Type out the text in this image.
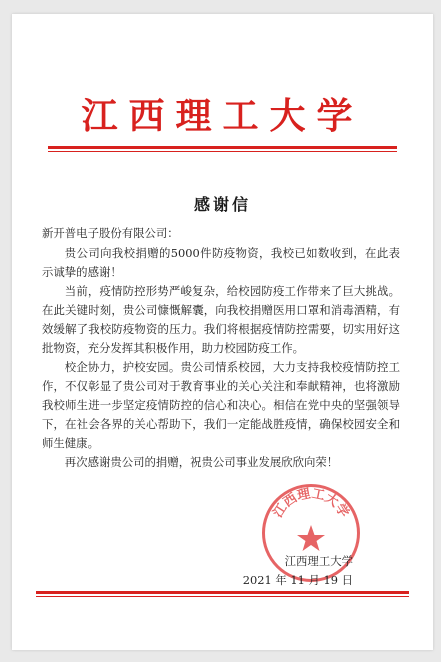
江西理工大学
感谢信

新开普电子股份有限公司：

贵公司向我校捐赠的5000件防疫物资，我校已如数收到，在此表示诚挚的感谢！

当前，疫情防控形势严峻复杂，给校园防疫工作带来了巨大挑战。在此关键时刻，贵公司慷慨解囊，向我校捐赠医用口罩和消毒酒精，有效缓解了我校防疫物资的压力。我们将根据疫情防控需要，切实用好这批物资，充分发挥其积极作用，助力校园防疫工作。

校企协力，护校安园。贵公司情系校园，大力支持我校疫情防控工作，不仅彰显了贵公司对于教育事业的关心关注和奉献精神，也将激励我校师生进一步坚定疫情防控的信心和决心。相信在党中央的坚强领导下，在社会各界的关心帮助下，我们一定能战胜疫情，确保校园安全和师生健康。

再次感谢贵公司的捐赠，祝贵公司事业发展欣欣向荣！

江西理工大学
江西理工大学
2021 年 11 月 19 日
